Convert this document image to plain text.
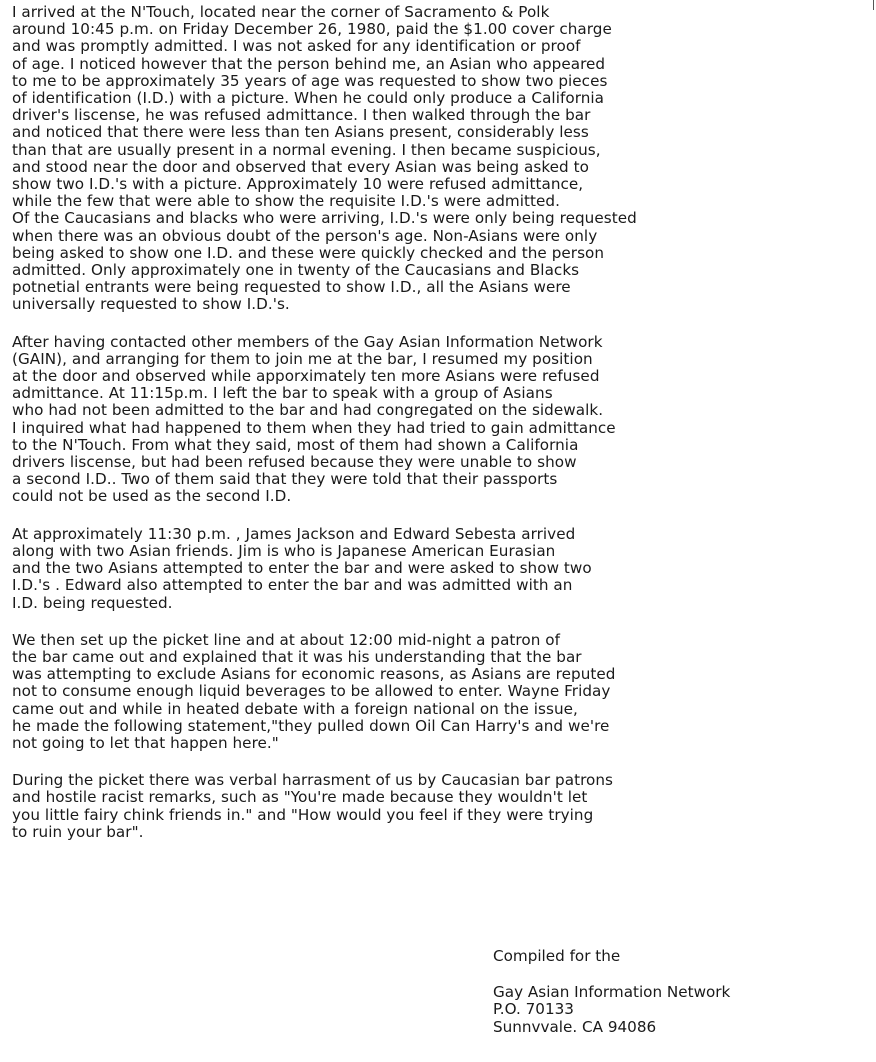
I arrived at the N'Touch, located near the corner of Sacramento & Polk
around 10:45 p.m. on Friday December 26, 1980, paid the $1.00 cover charge
and was promptly admitted. I was not asked for any identification or proof
of age. I noticed however that the person behind me, an Asian who appeared
to me to be approximately 35 years of age was requested to show two pieces
of identification (I.D.) with a picture. When he could only produce a California
driver's liscense, he was refused admittance. I then walked through the bar
and noticed that there were less than ten Asians present, considerably less
than that are usually present in a normal evening. I then became suspicious,
and stood near the door and observed that every Asian was being asked to
show two I.D.'s with a picture. Approximately 10 were refused admittance,
while the few that were able to show the requisite I.D.'s were admitted.
Of the Caucasians and blacks who were arriving, I.D.'s were only being requested
when there was an obvious doubt of the person's age. Non-Asians were only
being asked to show one I.D. and these were quickly checked and the person
admitted. Only approximately one in twenty of the Caucasians and Blacks
potnetial entrants were being requested to show I.D., all the Asians were
universally requested to show I.D.'s.
After having contacted other members of the Gay Asian Information Network
(GAIN), and arranging for them to join me at the bar, I resumed my position
at the door and observed while apporximately ten more Asians were refused
admittance. At 11:15p.m. I left the bar to speak with a group of Asians
who had not been admitted to the bar and had congregated on the sidewalk.
I inquired what had happened to them when they had tried to gain admittance
to the N'Touch. From what they said, most of them had shown a California
drivers liscense, but had been refused because they were unable to show
a second I.D.. Two of them said that they were told that their passports
could not be used as the second I.D.
At approximately 11:30 p.m. , James Jackson and Edward Sebesta arrived
along with two Asian friends. Jim is who is Japanese American Eurasian
and the two Asians attempted to enter the bar and were asked to show two
I.D.'s . Edward also attempted to enter the bar and was admitted with an
I.D. being requested.
We then set up the picket line and at about 12:00 mid-night a patron of
the bar came out and explained that it was his understanding that the bar
was attempting to exclude Asians for economic reasons, as Asians are reputed
not to consume enough liquid beverages to be allowed to enter. Wayne Friday
came out and while in heated debate with a foreign national on the issue,
he made the following statement,"they pulled down Oil Can Harry's and we're
not going to let that happen here."
During the picket there was verbal harrasment of us by Caucasian bar patrons
and hostile racist remarks, such as "You're made because they wouldn't let
you little fairy chink friends in." and "How would you feel if they were trying
to ruin your bar".
Compiled for the
Gay Asian Information Network
P.O. 70133
Sunnvvale. CA 94086
